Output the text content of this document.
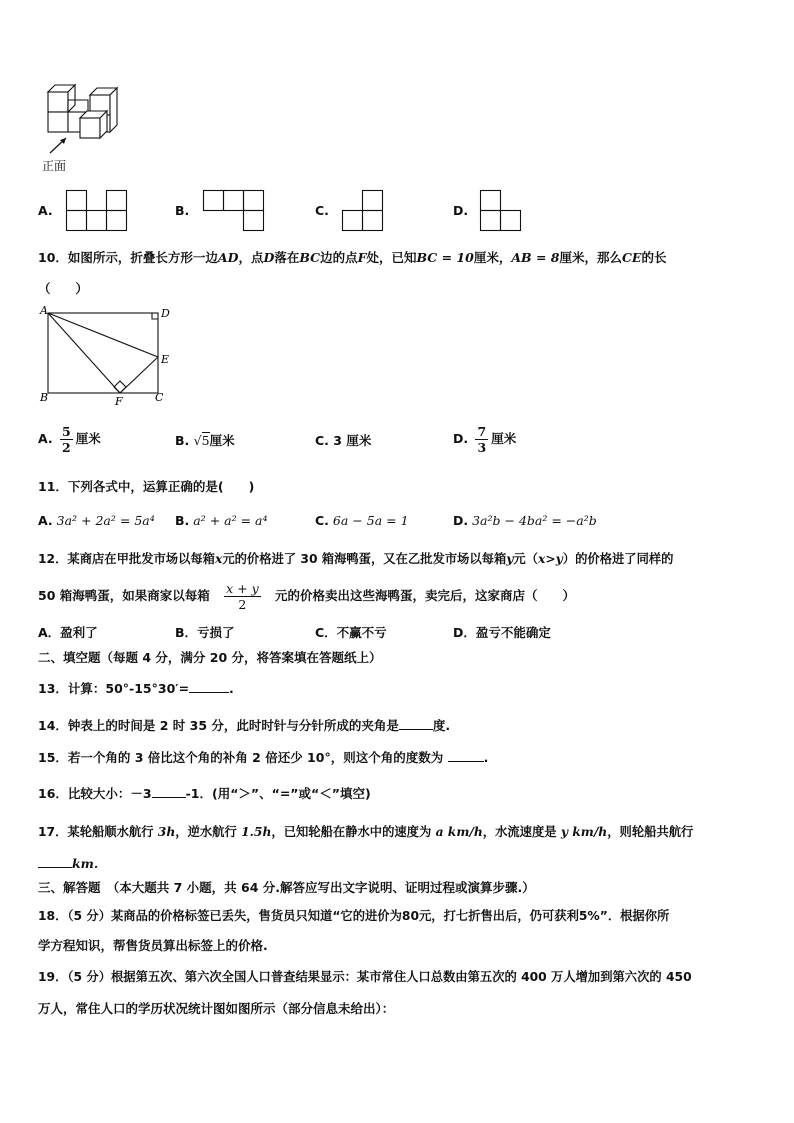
正面
A.	B.	C.	D.
10．如图所示，折叠长方形一边AD，点D落在BC边的点F处，已知BC = 10厘米，AB = 8厘米，那么CE的长
（　　）
A	D
E
B	F	C
A. $\frac{5}{2}$ 厘米	B. √5厘米	C. 3 厘米	D. $\frac{7}{3}$ 厘米
11．下列各式中，运算正确的是(　　)
A. 3a² + 2a² = 5a⁴ B. a² + a² = a⁴	C. 6a − 5a = 1	D. 3a²b − 4ba² = −a²b
12．某商店在甲批发市场以每箱x元的价格进了 30 箱海鸭蛋，又在乙批发市场以每箱y元（x>y）的价格进了同样的
50 箱海鸭蛋，如果商家以每箱 $\frac{x + y}{2}$ 元的价格卖出这些海鸭蛋，卖完后，这家商店（　　）
A．盈利了	B．亏损了	C．不赢不亏	D．盈亏不能确定
二、填空题（每题 4 分，满分 20 分，将答案填在答题纸上）
13．计算：50°-15°30′=	.
14．钟表上的时间是 2 时 35 分，此时时针与分针所成的夹角是	度.
15．若一个角的 3 倍比这个角的补角 2 倍还少 10°，则这个角的度数为	.
16．比较大小：－3	-1．(用“＞”、“=”或“＜”填空)
17．某轮船顺水航行 3h，逆水航行 1.5h，已知轮船在静水中的速度为 a km/h，水流速度是 y km/h，则轮船共航行
km.
三、解答题　（本大题共 7 小题，共 64 分.解答应写出文字说明、证明过程或演算步骤.）
18．（5 分）某商品的价格标签已丢失，售货员只知道“它的进价为80元，打七折售出后，仍可获利5%”．根据你所
学方程知识，帮售货员算出标签上的价格.
19．（5 分）根据第五次、第六次全国人口普查结果显示：某市常住人口总数由第五次的 400 万人增加到第六次的 450
万人，常住人口的学历状况统计图如图所示（部分信息未给出）：
